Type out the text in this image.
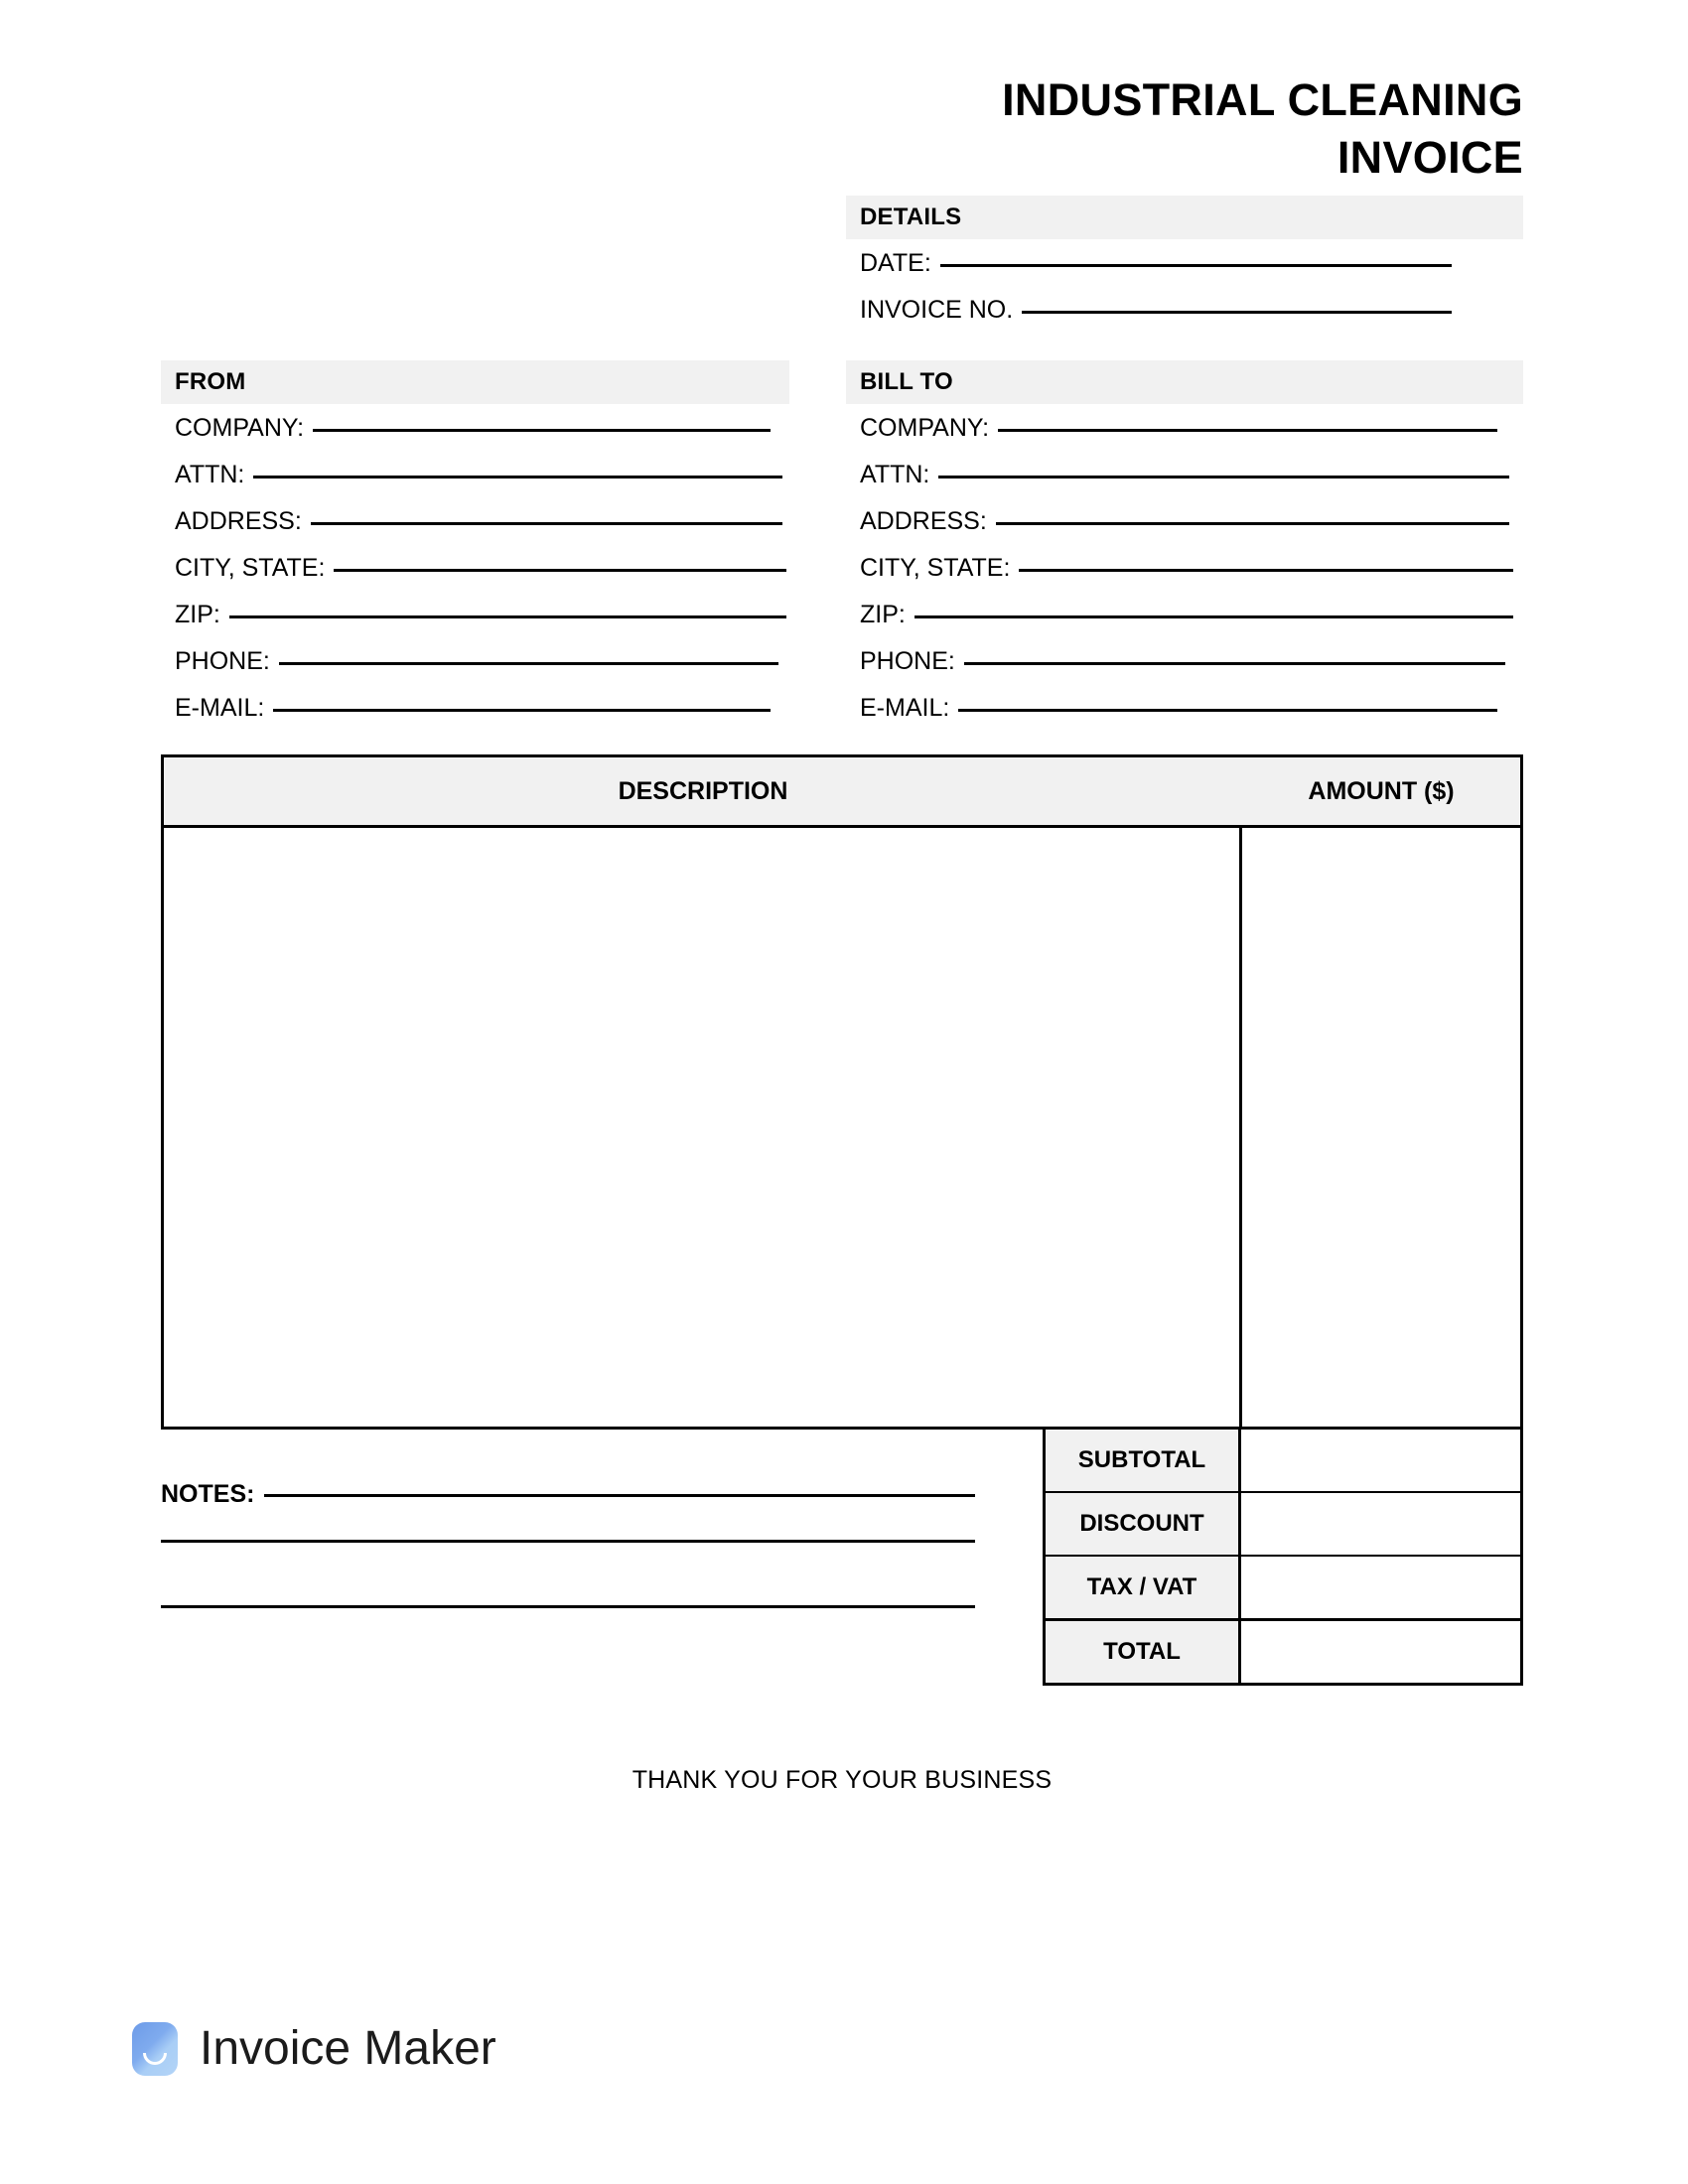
INDUSTRIAL CLEANING
INVOICE
DETAILS
DATE:
INVOICE NO.
FROM
COMPANY:
ATTN:
ADDRESS:
CITY, STATE:
ZIP:
PHONE:
E-MAIL:
BILL TO
COMPANY:
ATTN:
ADDRESS:
CITY, STATE:
ZIP:
PHONE:
E-MAIL:
DESCRIPTION	AMOUNT ($)
NOTES:
SUBTOTAL
DISCOUNT
TAX / VAT
TOTAL
THANK YOU FOR YOUR BUSINESS
Invoice Maker
